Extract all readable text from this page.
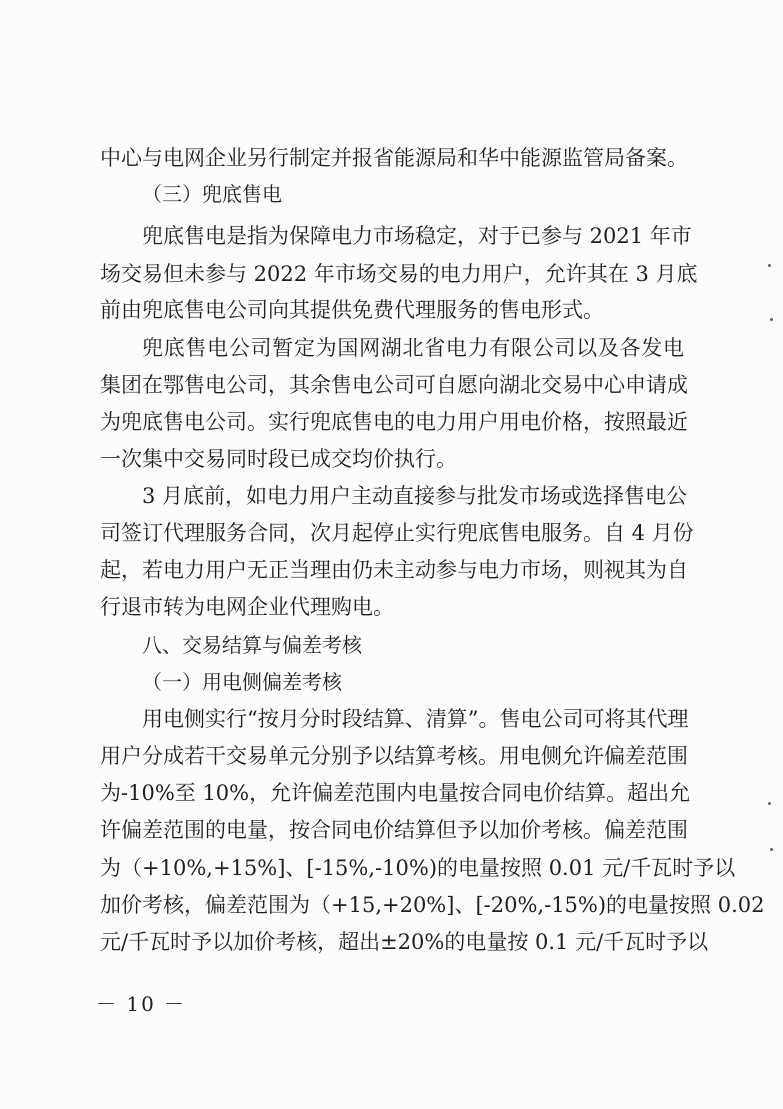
中心与电网企业另行制定并报省能源局和华中能源监管局备案。
（三）兜底售电
兜底售电是指为保障电力市场稳定，对于已参与 2021 年市
场交易但未参与 2022 年市场交易的电力用户，允许其在 3 月底
前由兜底售电公司向其提供免费代理服务的售电形式。
兜底售电公司暂定为国网湖北省电力有限公司以及各发电
集团在鄂售电公司，其余售电公司可自愿向湖北交易中心申请成
为兜底售电公司。实行兜底售电的电力用户用电价格，按照最近
一次集中交易同时段已成交均价执行。
3 月底前，如电力用户主动直接参与批发市场或选择售电公
司签订代理服务合同，次月起停止实行兜底售电服务。自 4 月份
起，若电力用户无正当理由仍未主动参与电力市场，则视其为自
行退市转为电网企业代理购电。
八、交易结算与偏差考核
（一）用电侧偏差考核
用电侧实行“按月分时段结算、清算”。售电公司可将其代理
用户分成若干交易单元分别予以结算考核。用电侧允许偏差范围
为-10%至 10%，允许偏差范围内电量按合同电价结算。超出允
许偏差范围的电量，按合同电价结算但予以加价考核。偏差范围
为（+10%,+15%]、[-15%,-10%)的电量按照 0.01 元/千瓦时予以
加价考核，偏差范围为（+15,+20%]、[-20%,-15%)的电量按照 0.02
元/千瓦时予以加价考核，超出±20%的电量按 0.1 元/千瓦时予以
－ 10 －
